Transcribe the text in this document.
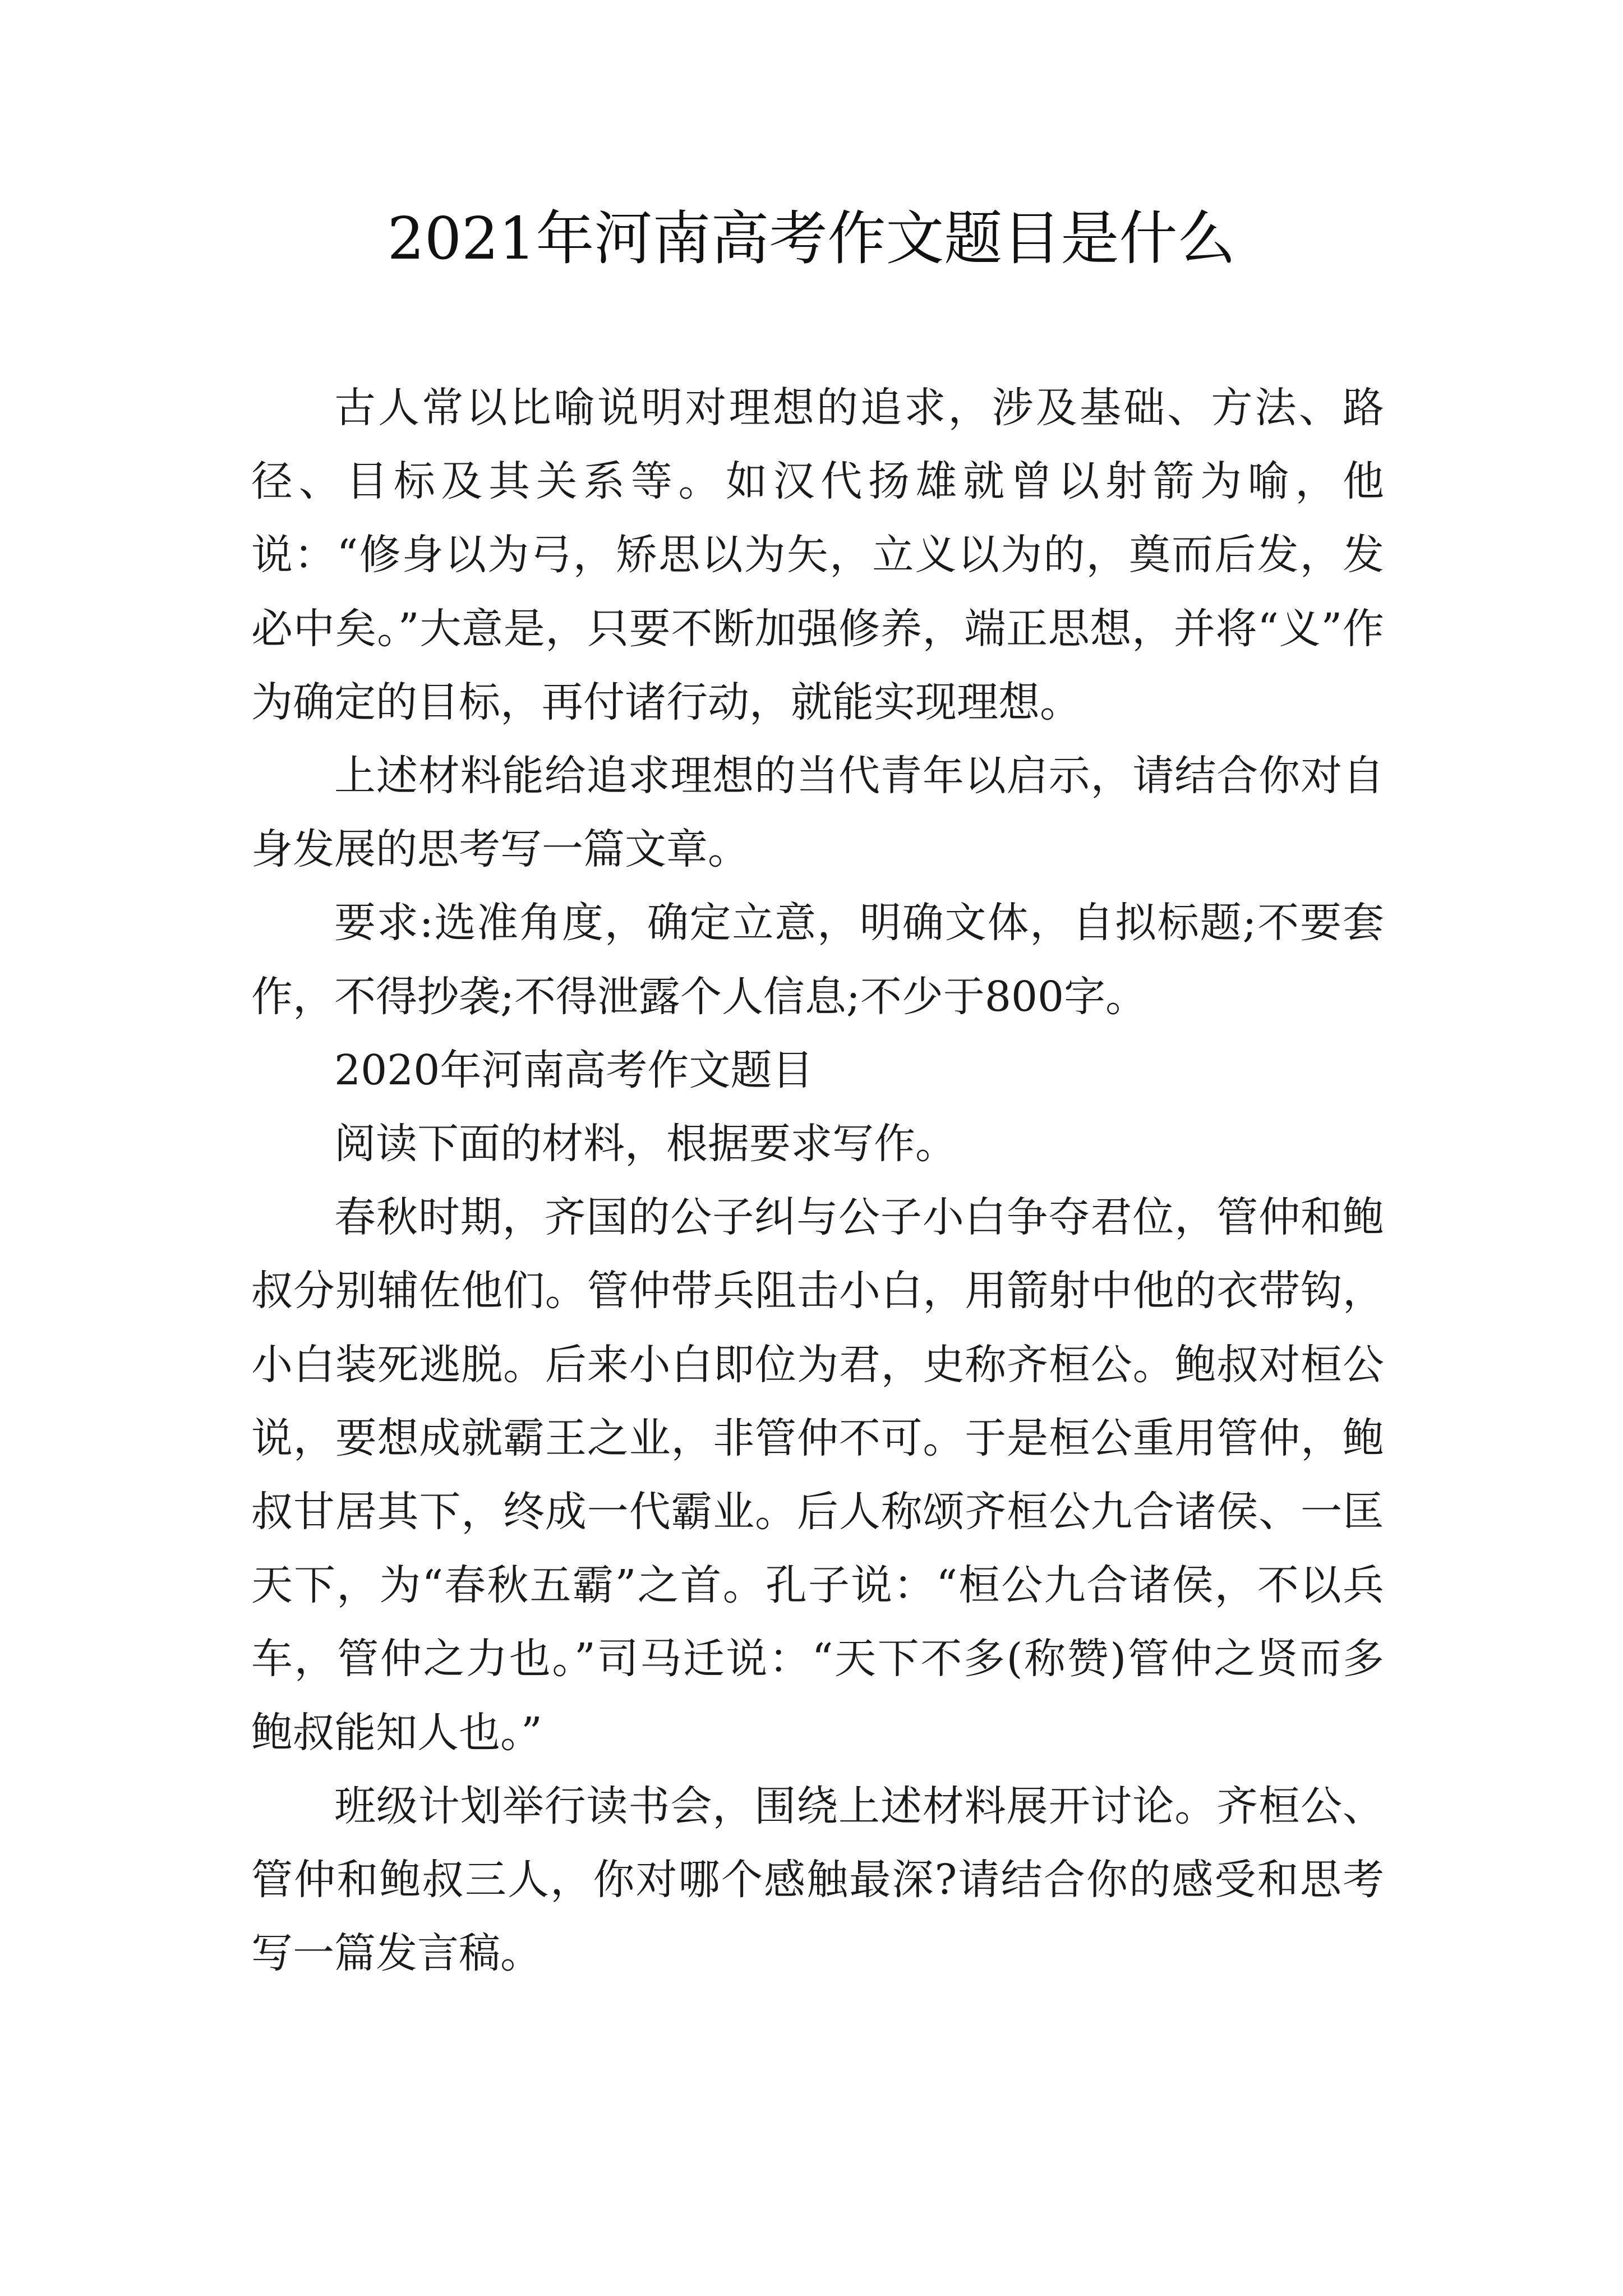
2021年河南高考作文题目是什么

古人常以比喻说明对理想的追求，涉及基础、方法、路径、目标及其关系等。如汉代扬雄就曾以射箭为喻，他说：“修身以为弓，矫思以为矢，立义以为的，奠而后发，发必中矣。”大意是，只要不断加强修养，端正思想，并将“义”作为确定的目标，再付诸行动，就能实现理想。

上述材料能给追求理想的当代青年以启示，请结合你对自身发展的思考写一篇文章。

要求:选准角度，确定立意，明确文体，自拟标题;不要套作，不得抄袭;不得泄露个人信息;不少于800字。

2020年河南高考作文题目

阅读下面的材料，根据要求写作。

春秋时期，齐国的公子纠与公子小白争夺君位，管仲和鲍叔分别辅佐他们。管仲带兵阻击小白，用箭射中他的衣带钩，小白装死逃脱。后来小白即位为君，史称齐桓公。鲍叔对桓公说，要想成就霸王之业，非管仲不可。于是桓公重用管仲，鲍叔甘居其下，终成一代霸业。后人称颂齐桓公九合诸侯、一匡天下，为“春秋五霸”之首。孔子说：“桓公九合诸侯，不以兵车，管仲之力也。”司马迁说：“天下不多(称赞)管仲之贤而多鲍叔能知人也。”

班级计划举行读书会，围绕上述材料展开讨论。齐桓公、管仲和鲍叔三人，你对哪个感触最深?请结合你的感受和思考写一篇发言稿。
